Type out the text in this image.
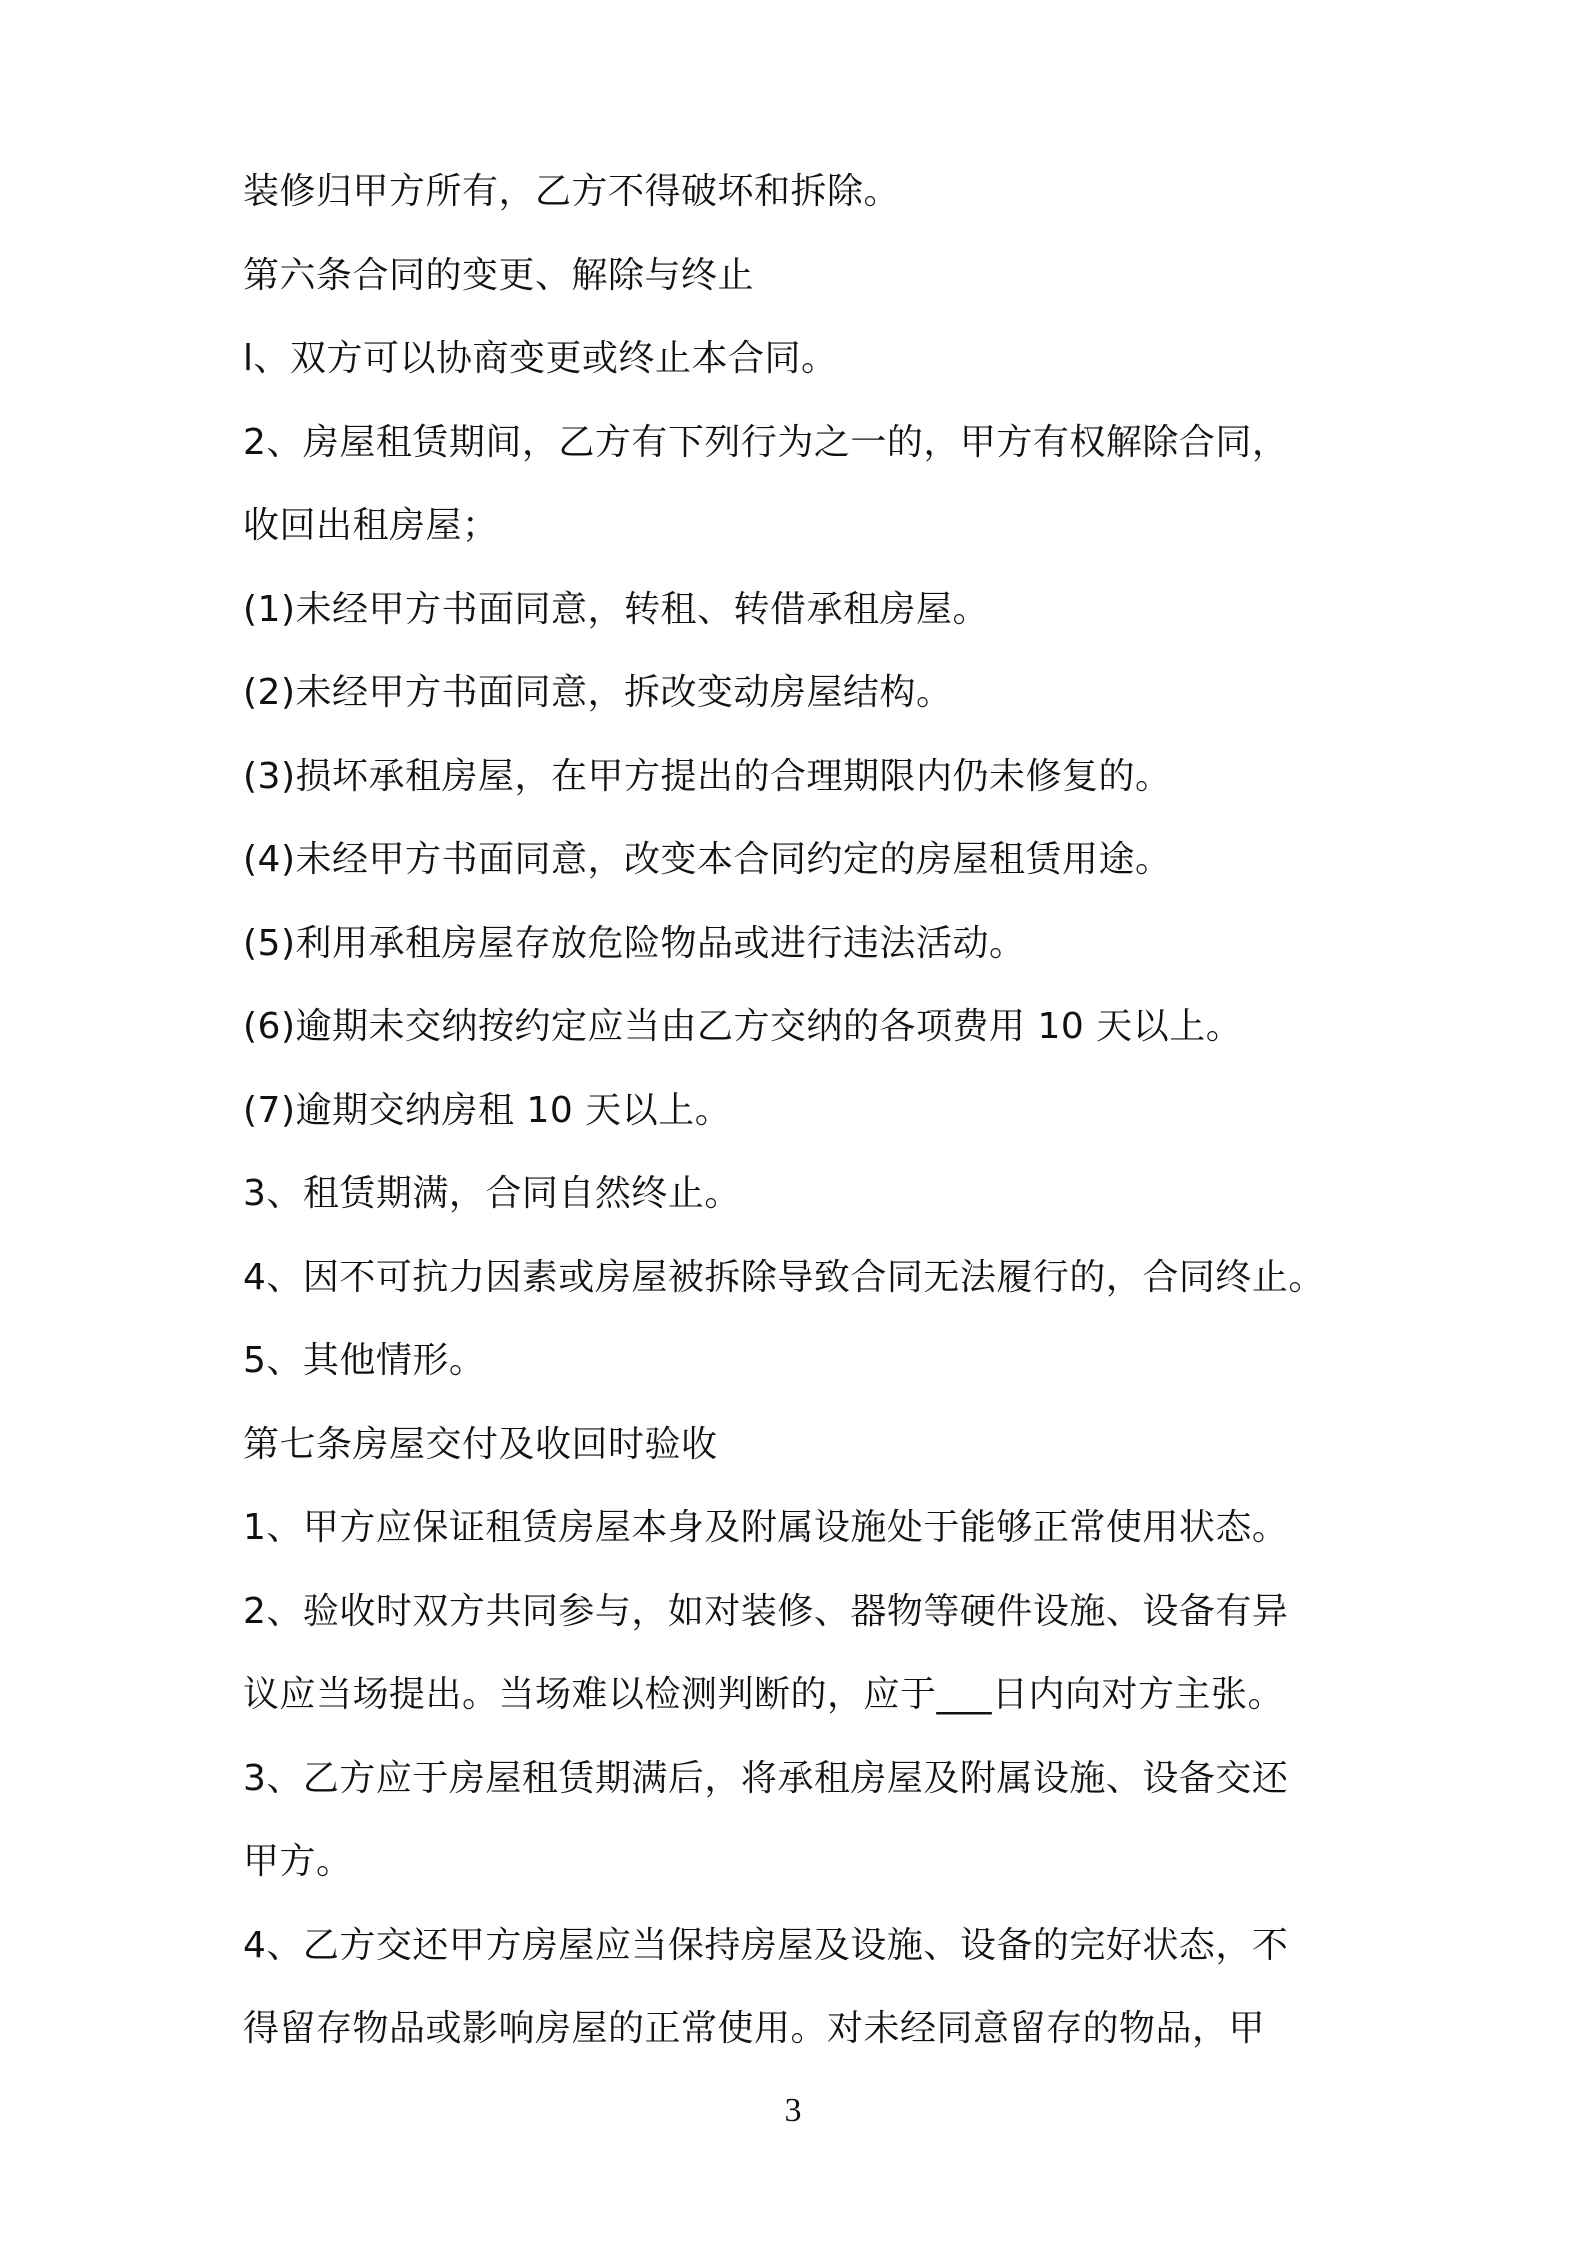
装修归甲方所有，乙方不得破坏和拆除。
第六条合同的变更、解除与终止
l、双方可以协商变更或终止本合同。
2、房屋租赁期间，乙方有下列行为之一的，甲方有权解除合同，
收回出租房屋；
(1)未经甲方书面同意，转租、转借承租房屋。
(2)未经甲方书面同意，拆改变动房屋结构。
(3)损坏承租房屋，在甲方提出的合理期限内仍未修复的。
(4)未经甲方书面同意，改变本合同约定的房屋租赁用途。
(5)利用承租房屋存放危险物品或进行违法活动。
(6)逾期未交纳按约定应当由乙方交纳的各项费用 10 天以上。
(7)逾期交纳房租 10 天以上。
3、租赁期满，合同自然终止。
4、因不可抗力因素或房屋被拆除导致合同无法履行的，合同终止。
5、其他情形。
第七条房屋交付及收回时验收
1、甲方应保证租赁房屋本身及附属设施处于能够正常使用状态。
2、验收时双方共同参与，如对装修、器物等硬件设施、设备有异
议应当场提出。当场难以检测判断的，应于___日内向对方主张。
3、乙方应于房屋租赁期满后，将承租房屋及附属设施、设备交还
甲方。
4、乙方交还甲方房屋应当保持房屋及设施、设备的完好状态，不
得留存物品或影响房屋的正常使用。对未经同意留存的物品，甲
3
